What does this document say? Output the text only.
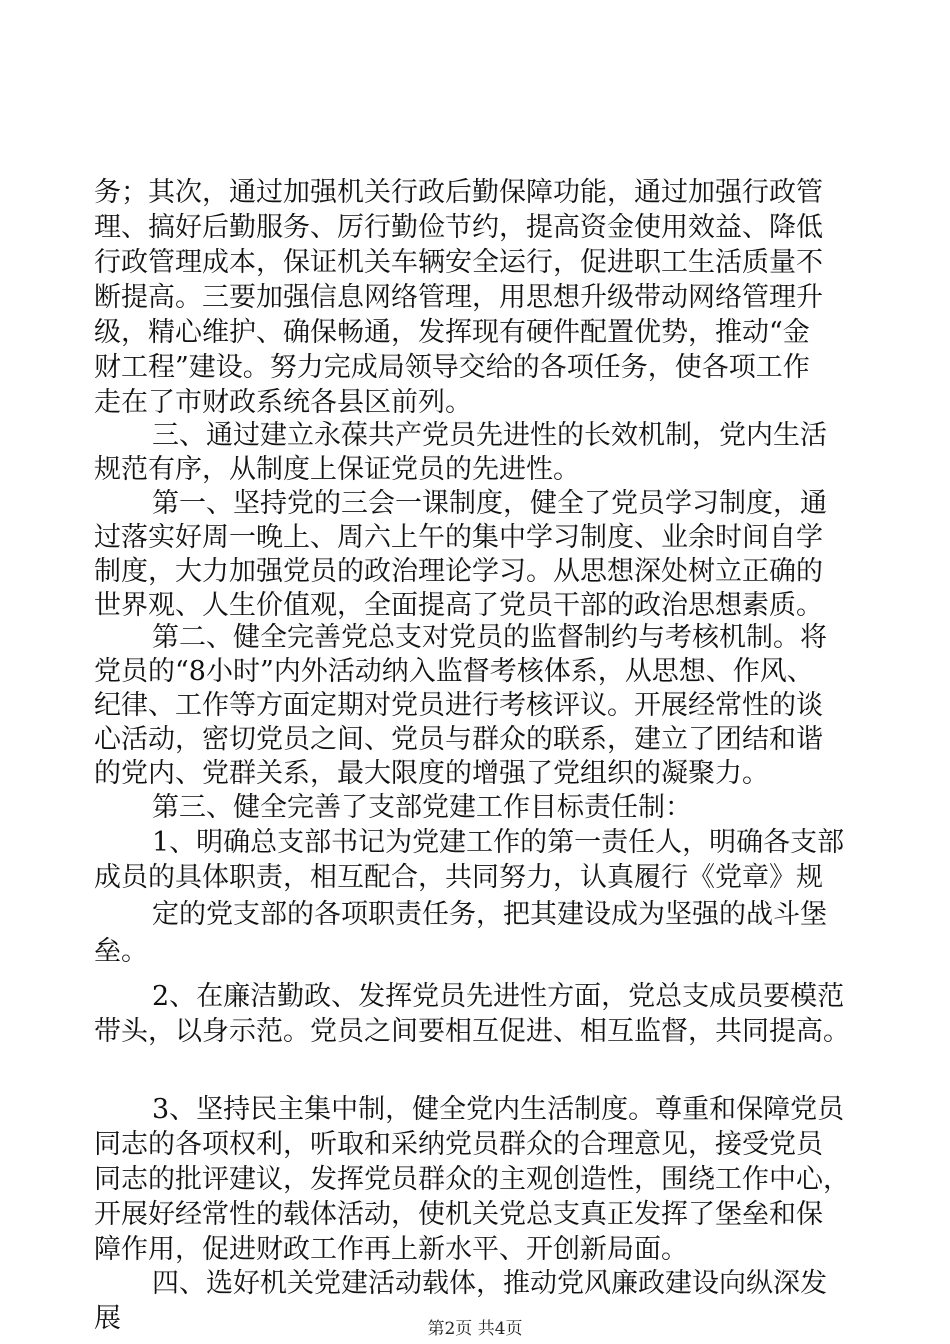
务；其次，通过加强机关行政后勤保障功能，通过加强行政管
理、搞好后勤服务、厉行勤俭节约，提高资金使用效益、降低
行政管理成本，保证机关车辆安全运行，促进职工生活质量不
断提高。三要加强信息网络管理，用思想升级带动网络管理升
级，精心维护、确保畅通，发挥现有硬件配置优势，推动“金
财工程”建设。努力完成局领导交给的各项任务，使各项工作
走在了市财政系统各县区前列。
三、通过建立永葆共产党员先进性的长效机制，党内生活
规范有序，从制度上保证党员的先进性。
第一、坚持党的三会一课制度，健全了党员学习制度，通
过落实好周一晚上、周六上午的集中学习制度、业余时间自学
制度，大力加强党员的政治理论学习。从思想深处树立正确的
世界观、人生价值观，全面提高了党员干部的政治思想素质。
第二、健全完善党总支对党员的监督制约与考核机制。将
党员的“8小时”内外活动纳入监督考核体系，从思想、作风、
纪律、工作等方面定期对党员进行考核评议。开展经常性的谈
心活动，密切党员之间、党员与群众的联系，建立了团结和谐
的党内、党群关系，最大限度的增强了党组织的凝聚力。
第三、健全完善了支部党建工作目标责任制：
1、明确总支部书记为党建工作的第一责任人，明确各支部
成员的具体职责，相互配合，共同努力，认真履行《党章》规
定的党支部的各项职责任务，把其建设成为坚强的战斗堡
垒。
2、在廉洁勤政、发挥党员先进性方面，党总支成员要模范
带头，以身示范。党员之间要相互促进、相互监督，共同提高。
3、坚持民主集中制，健全党内生活制度。尊重和保障党员
同志的各项权利，听取和采纳党员群众的合理意见，接受党员
同志的批评建议，发挥党员群众的主观创造性，围绕工作中心，
开展好经常性的载体活动，使机关党总支真正发挥了堡垒和保
障作用，促进财政工作再上新水平、开创新局面。
四、选好机关党建活动载体，推动党风廉政建设向纵深发
展	第2页 共4页
